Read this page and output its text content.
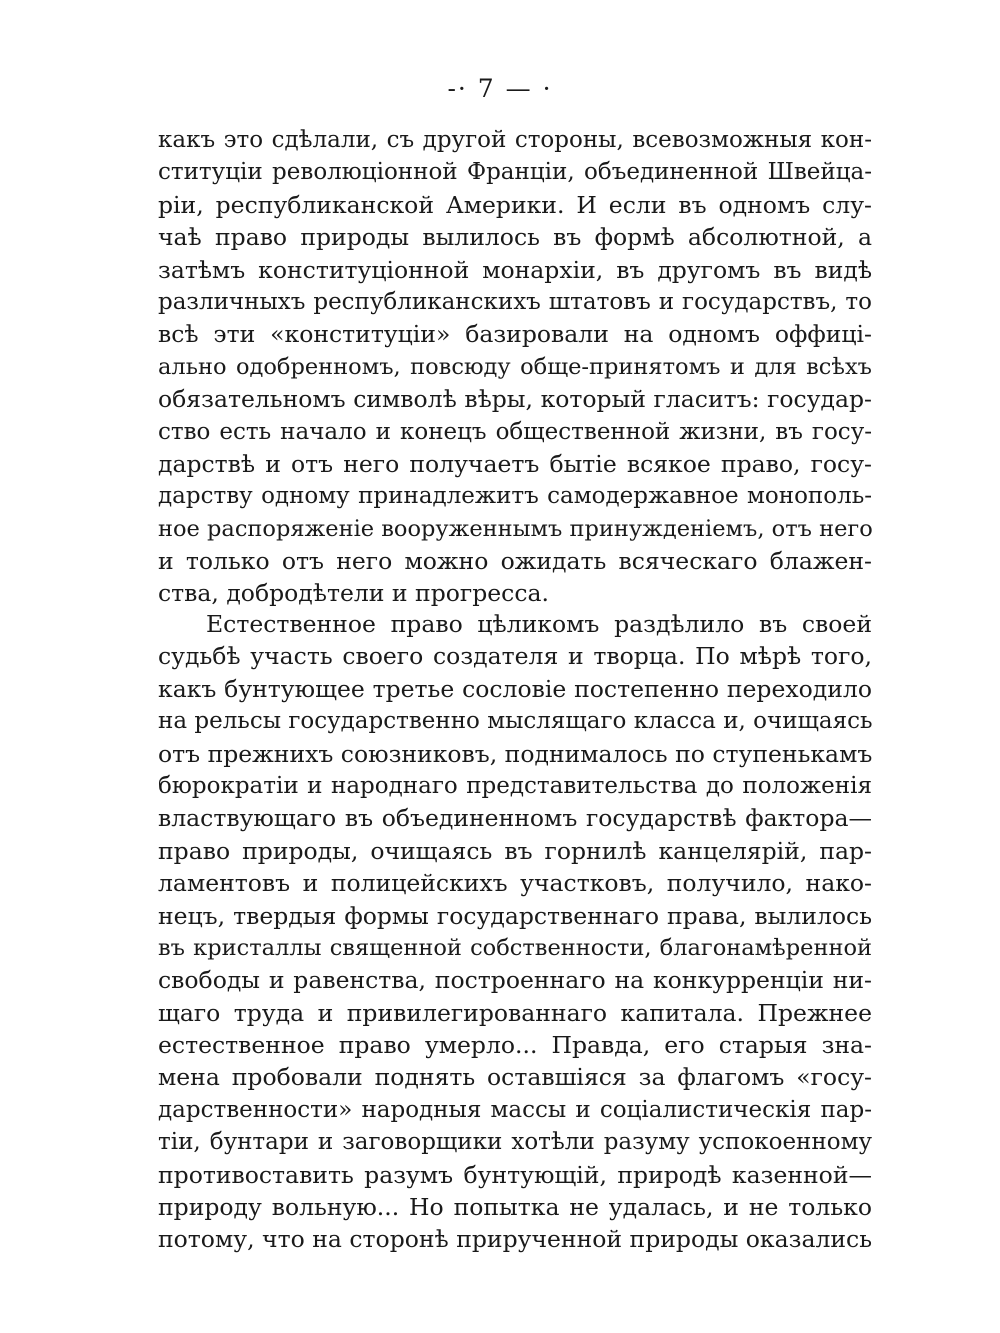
-· 7 — ·
какъ это сдѣлали, съ другой стороны, всевозможныя кон-
ституціи революціонной Франціи, объединенной Швейца-
ріи, республиканской Америки. И если въ одномъ слу-
чаѣ право природы вылилось въ формѣ абсолютной, а
затѣмъ конституціонной монархіи, въ другомъ въ видѣ
различныхъ республиканскихъ штатовъ и государствъ, то
всѣ эти «конституціи» базировали на одномъ оффиці-
ально одобренномъ, повсюду обще-принятомъ и для всѣхъ
обязательномъ символѣ вѣры, который гласитъ: государ-
ство есть начало и конецъ общественной жизни, въ госу-
дарствѣ и отъ него получаетъ бытіе всякое право, госу-
дарству одному принадлежитъ самодержавное монополь-
ное распоряженіе вооруженнымъ принужденіемъ, отъ него
и только отъ него можно ожидать всяческаго блажен-
ства, добродѣтели и прогресса.
Естественное право цѣликомъ раздѣлило въ своей
судьбѣ участь своего создателя и творца. По мѣрѣ того,
какъ бунтующее третье сословіе постепенно переходило
на рельсы государственно мыслящаго класса и, очищаясь
отъ прежнихъ союзниковъ, поднималось по ступенькамъ
бюрократіи и народнаго представительства до положенія
властвующаго въ объединенномъ государствѣ фактора—
право природы, очищаясь въ горнилѣ канцелярій, пар-
ламентовъ и полицейскихъ участковъ, получило, нако-
нецъ, твердыя формы государственнаго права, вылилось
въ кристаллы священной собственности, благонамѣренной
свободы и равенства, построеннаго на конкурренціи ни-
щаго труда и привилегированнаго капитала. Прежнее
естественное право умерло... Правда, его старыя зна-
мена пробовали поднять оставшіяся за флагомъ «госу-
дарственности» народныя массы и соціалистическія пар-
тіи, бунтари и заговорщики хотѣли разуму успокоенному
противоставить разумъ бунтующій, природѣ казенной—
природу вольную... Но попытка не удалась, и не только
потому, что на сторонѣ прирученной природы оказались
